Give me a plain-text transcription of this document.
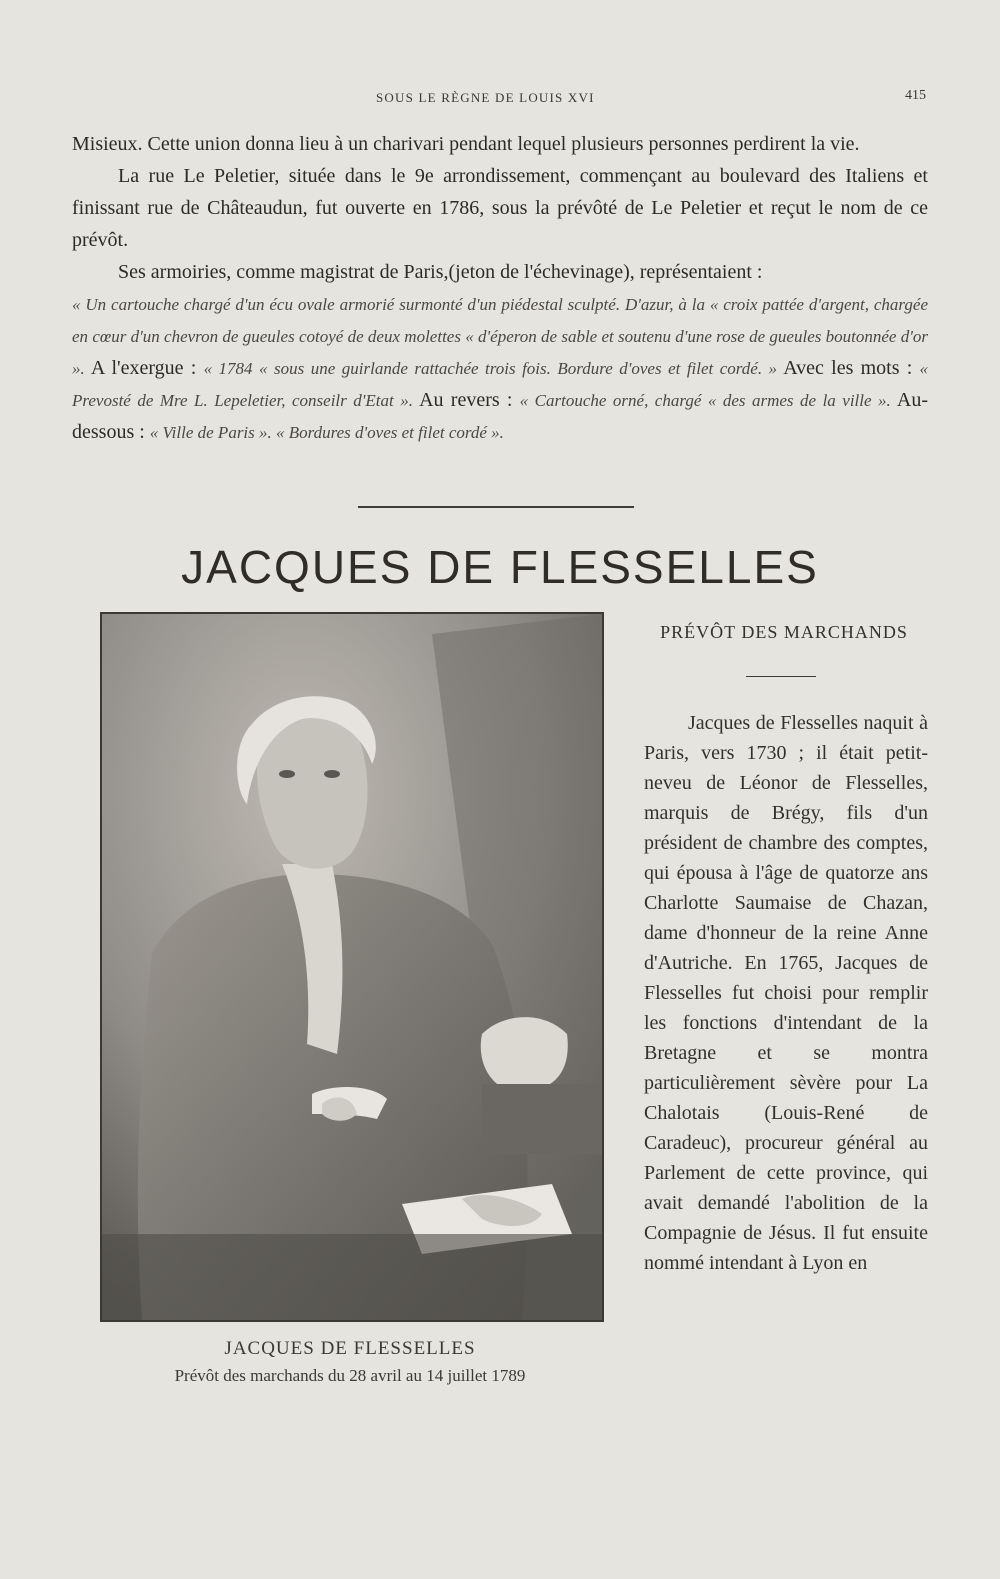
SOUS LE RÈGNE DE LOUIS XVI	415

Misieux. Cette union donna lieu à un charivari pendant lequel plusieurs personnes perdirent la vie.

La rue Le Peletier, située dans le 9e arrondissement, commençant au boulevard des Italiens et finissant rue de Châteaudun, fut ouverte en 1786, sous la prévôté de Le Peletier et reçut le nom de ce prévôt.

Ses armoiries, comme magistrat de Paris,(jeton de l'échevinage), représentaient :

« Un cartouche chargé d'un écu ovale armorié surmonté d'un piédestal sculpté. D'azur, à la « croix pattée d'argent, chargée en cœur d'un chevron de gueules cotoyé de deux molettes « d'éperon de sable et soutenu d'une rose de gueules boutonnée d'or ». A l'exergue : « 1784 « sous une guirlande rattachée trois fois. Bordure d'oves et filet cordé. » Avec les mots : « Prevosté de Mre L. Lepeletier, conseilr d'Etat ». Au revers : « Cartouche orné, chargé « des armes de la ville ». Au-dessous : « Ville de Paris ». « Bordures d'oves et filet cordé ».

JACQUES DE FLESSELLES
JACQUES DE FLESSELLES
Prévôt des marchands du 28 avril au 14 juillet 1789
PRÉVÔT DES MARCHANDS

Jacques de Flesselles naquit à Paris, vers 1730 ; il était petit-neveu de Léonor de Flesselles, marquis de Brégy, fils d'un président de chambre des comptes, qui épousa à l'âge de quatorze ans Charlotte Saumaise de Chazan, dame d'honneur de la reine Anne d'Autriche. En 1765, Jacques de Flesselles fut choisi pour remplir les fonctions d'intendant de la Bretagne et se montra particulièrement sèvère pour La Chalotais (Louis-René de Caradeuc), procureur général au Parlement de cette province, qui avait demandé l'abolition de la Compagnie de Jésus. Il fut ensuite nommé intendant à Lyon en
